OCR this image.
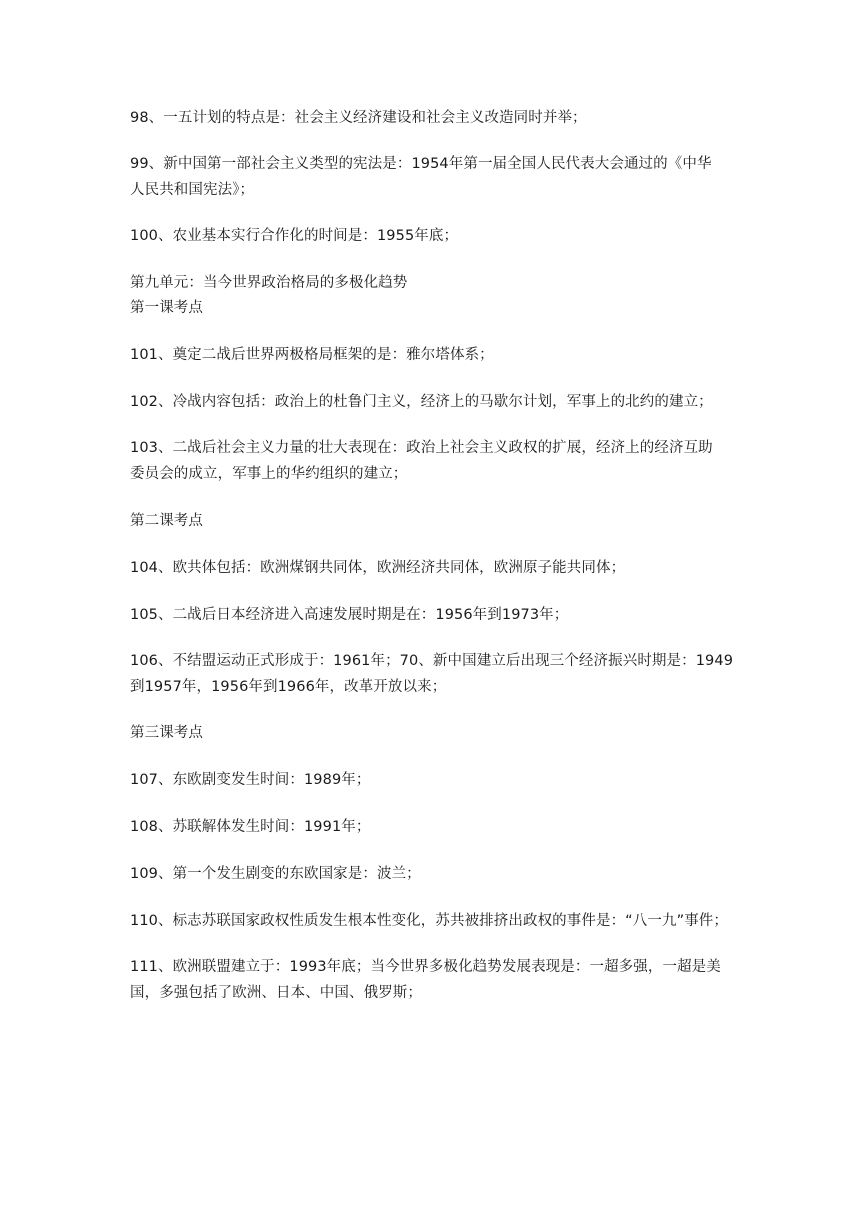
98、一五计划的特点是：社会主义经济建设和社会主义改造同时并举；

99、新中国第一部社会主义类型的宪法是：1954年第一届全国人民代表大会通过的《中华

人民共和国宪法》；

100、农业基本实行合作化的时间是：1955年底；

第九单元：当今世界政治格局的多极化趋势

第一课考点

101、奠定二战后世界两极格局框架的是：雅尔塔体系；

102、冷战内容包括：政治上的杜鲁门主义，经济上的马歇尔计划，军事上的北约的建立；

103、二战后社会主义力量的壮大表现在：政治上社会主义政权的扩展，经济上的经济互助

委员会的成立，军事上的华约组织的建立；

第二课考点

104、欧共体包括：欧洲煤钢共同体，欧洲经济共同体，欧洲原子能共同体；

105、二战后日本经济进入高速发展时期是在：1956年到1973年；

106、不结盟运动正式形成于：1961年；70、新中国建立后出现三个经济振兴时期是：1949

到1957年，1956年到1966年，改革开放以来；

第三课考点

107、东欧剧变发生时间：1989年；

108、苏联解体发生时间：1991年；

109、第一个发生剧变的东欧国家是：波兰；

110、标志苏联国家政权性质发生根本性变化，苏共被排挤出政权的事件是：“八一九”事件；

111、欧洲联盟建立于：1993年底；当今世界多极化趋势发展表现是：一超多强，一超是美

国，多强包括了欧洲、日本、中国、俄罗斯；
